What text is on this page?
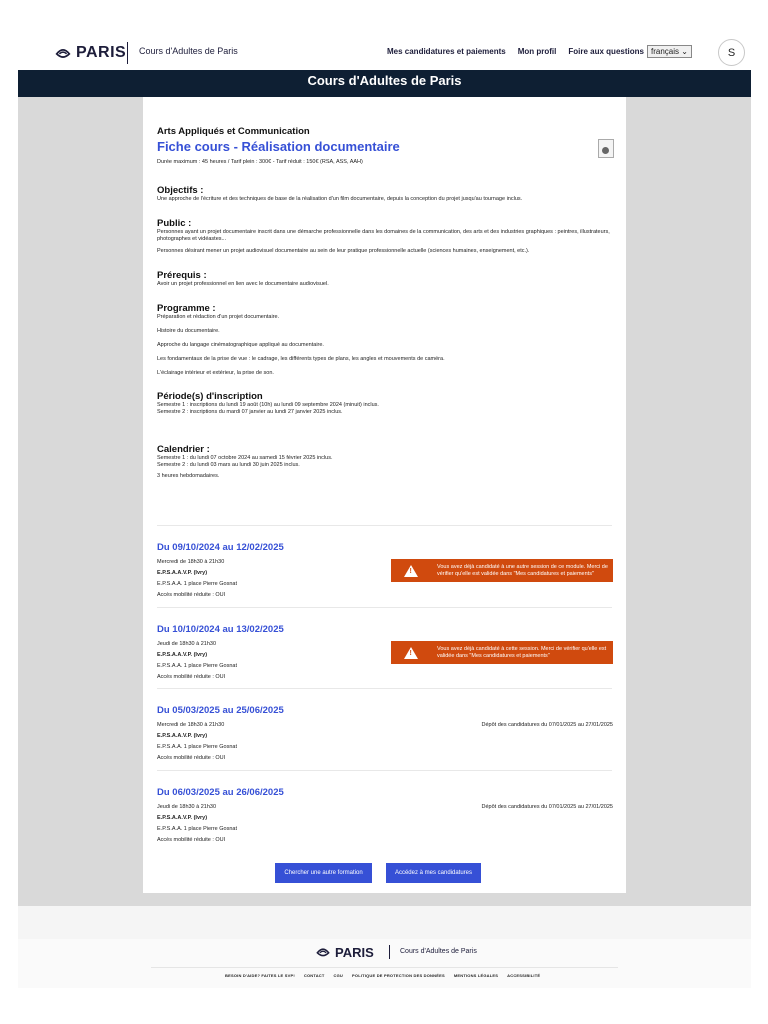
PARIS Cours d'Adultes de Paris	Mes candidatures et paiements Mon profil Foire aux questions français ⌄	S
Cours d'Adultes de Paris
Arts Appliqués et Communication
Fiche cours - Réalisation documentaire
Durée maximum : 45 heures / Tarif plein : 300€ - Tarif réduit : 150€ (RSA, ASS, AAH)
Objectifs :
Une approche de l'écriture et des techniques de base de la réalisation d'un film documentaire, depuis la conception du projet jusqu'au tournage inclus.
Public :
Personnes ayant un projet documentaire inscrit dans une démarche professionnelle dans les domaines de la communication, des arts et des industries graphiques : peintres, illustrateurs, photographes et vidéastes...
Personnes désirant mener un projet audiovisuel documentaire au sein de leur pratique professionnelle actuelle (sciences humaines, enseignement, etc.).
Prérequis :
Avoir un projet professionnel en lien avec le documentaire audiovisuel.
Programme :
Préparation et rédaction d'un projet documentaire.
Histoire du documentaire.
Approche du langage cinématographique appliqué au documentaire.
Les fondamentaux de la prise de vue : le cadrage, les différents types de plans, les angles et mouvements de caméra.
L'éclairage intérieur et extérieur, la prise de son.
Période(s) d'inscription
Semestre 1 : inscriptions du lundi 19 août (10h) au lundi 09 septembre 2024 (minuit) inclus.
Semestre 2 : inscriptions du mardi 07 janvier au lundi 27 janvier 2025 inclus.
Calendrier :
Semestre 1 : du lundi 07 octobre 2024 au samedi 15 février 2025 inclus.
Semestre 2 : du lundi 03 mars au lundi 30 juin 2025 inclus.
3 heures hebdomadaires.
Du 09/10/2024 au 12/02/2025
Mercredi de 18h30 à 21h30
E.P.S.A.A.V.P. (Ivry)
E.P.S.A.A. 1 place Pierre Gosnat
Accès mobilité réduite : OUI
!
Vous avez déjà candidaté à une autre session de ce module. Merci de vérifier qu'elle est validée dans "Mes candidatures et paiements"
Du 10/10/2024 au 13/02/2025
Jeudi de 18h30 à 21h30
E.P.S.A.A.V.P. (Ivry)
E.P.S.A.A. 1 place Pierre Gosnat
Accès mobilité réduite : OUI
!
Vous avez déjà candidaté à cette session. Merci de vérifier qu'elle est validée dans "Mes candidatures et paiements"
Du 05/03/2025 au 25/06/2025
Mercredi de 18h30 à 21h30	Dépôt des candidatures du 07/01/2025 au 27/01/2025
E.P.S.A.A.V.P. (Ivry)
E.P.S.A.A. 1 place Pierre Gosnat
Accès mobilité réduite : OUI
Du 06/03/2025 au 26/06/2025
Jeudi de 18h30 à 21h30	Dépôt des candidatures du 07/01/2025 au 27/01/2025
E.P.S.A.A.V.P. (Ivry)
E.P.S.A.A. 1 place Pierre Gosnat
Accès mobilité réduite : OUI
Chercher une autre formation	Accédez à mes candidatures
PARIS	Cours d'Adultes de Paris
BESOIN D'AIDE? FAITES LE SVP! CONTACT CGU POLITIQUE DE PROTECTION DES DONNÉES MENTIONS LÉGALES ACCESSIBILITÉ
